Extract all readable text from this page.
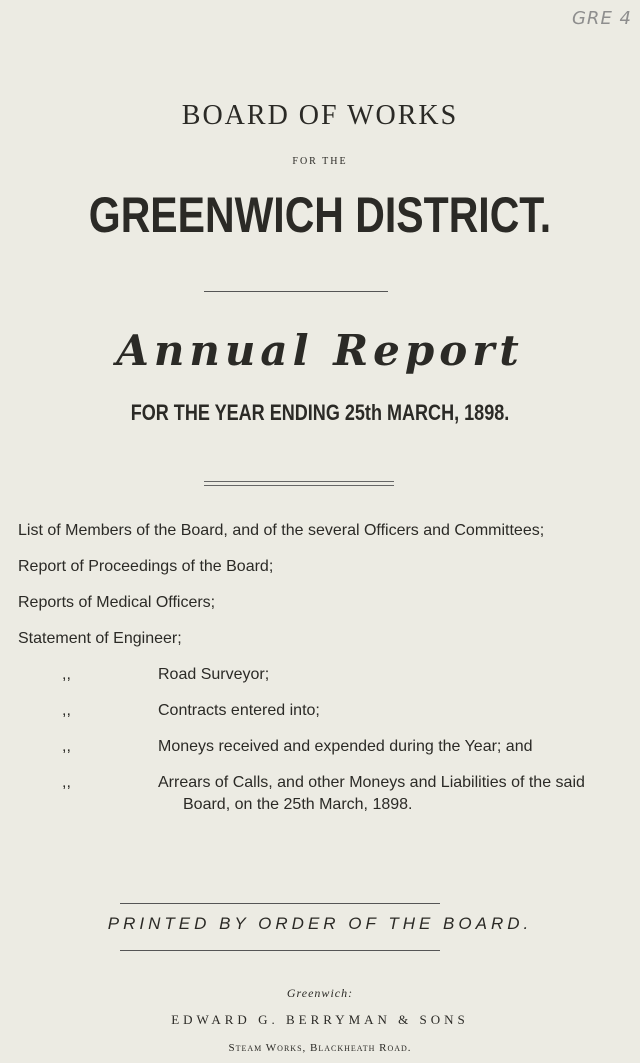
GRE 4
BOARD OF WORKS
FOR THE
GREENWICH DISTRICT.
Annual Report
FOR THE YEAR ENDING 25th MARCH, 1898.
List of Members of the Board, and of the several Officers and Committees;
Report of Proceedings of the Board;
Reports of Medical Officers;
Statement of Engineer;
,,	Road Surveyor;
,,	Contracts entered into;
,,	Moneys received and expended during the Year; and
,,	Arrears of Calls, and other Moneys and Liabilities of the said Board, on the 25th March, 1898.
PRINTED BY ORDER OF THE BOARD.
Greenwich:
EDWARD G. BERRYMAN & SONS
Steam Works, Blackheath Road.
